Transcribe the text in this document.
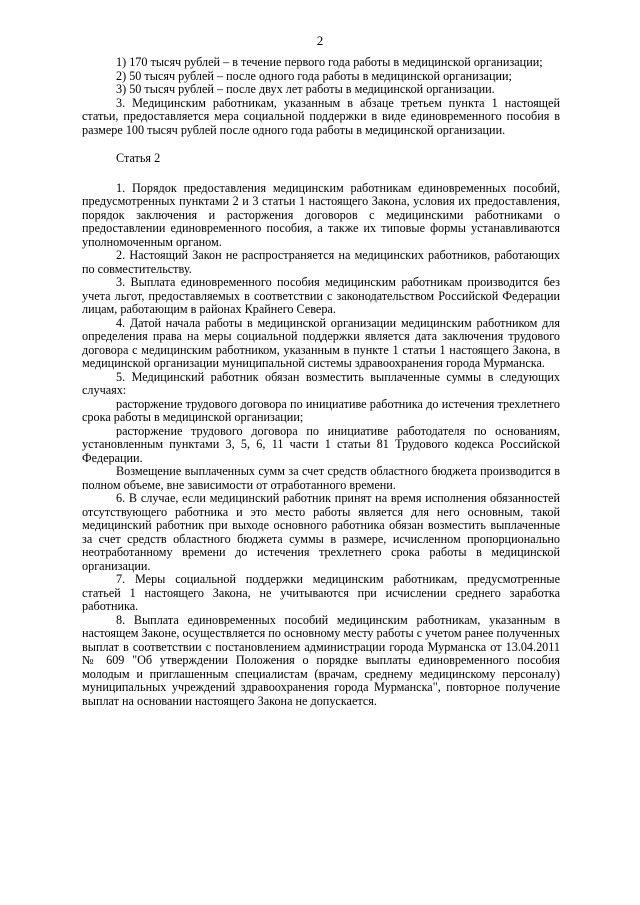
2

1) 170 тысяч рублей – в течение первого года работы в медицинской организации;

2) 50 тысяч рублей – после одного года работы в медицинской организации;

3) 50 тысяч рублей – после двух лет работы в медицинской организации.

3. Медицинским работникам, указанным в абзаце третьем пункта 1 настоящей статьи, предоставляется мера социальной поддержки в виде единовременного пособия в размере 100 тысяч рублей после одного года работы в медицинской организации.

Статья 2

1. Порядок предоставления медицинским работникам единовременных пособий, предусмотренных пунктами 2 и 3 статьи 1 настоящего Закона, условия их предоставления, порядок заключения и расторжения договоров с медицинскими работниками о предоставлении единовременного пособия, а также их типовые формы устанавливаются уполномоченным органом.

2. Настоящий Закон не распространяется на медицинских работников, работающих по совместительству.

3. Выплата единовременного пособия медицинским работникам производится без учета льгот, предоставляемых в соответствии с законодательством Российской Федерации лицам, работающим в районах Крайнего Севера.

4. Датой начала работы в медицинской организации медицинским работником для определения права на меры социальной поддержки является дата заключения трудового договора с медицинским работником, указанным в пункте 1 статьи 1 настоящего Закона, в медицинской организации муниципальной системы здравоохранения города Мурманска.

5. Медицинский работник обязан возместить выплаченные суммы в следующих случаях:

расторжение трудового договора по инициативе работника до истечения трехлетнего срока работы в медицинской организации;

расторжение трудового договора по инициативе работодателя по основаниям, установленным пунктами 3, 5, 6, 11 части 1 статьи 81 Трудового кодекса Российской Федерации.

Возмещение выплаченных сумм за счет средств областного бюджета производится в полном объеме, вне зависимости от отработанного времени.

6. В случае, если медицинский работник принят на время исполнения обязанностей отсутствующего работника и это место работы является для него основным, такой медицинский работник при выходе основного работника обязан возместить выплаченные за счет средств областного бюджета суммы в размере, исчисленном пропорционально неотработанному времени до истечения трехлетнего срока работы в медицинской организации.

7. Меры социальной поддержки медицинским работникам, предусмотренные статьей 1 настоящего Закона, не учитываются при исчислении среднего заработка работника.

8. Выплата единовременных пособий медицинским работникам, указанным в настоящем Законе, осуществляется по основному месту работы с учетом ранее полученных выплат в соответствии с постановлением администрации города Мурманска от 13.04.2011 № 609 "Об утверждении Положения о порядке выплаты единовременного пособия молодым и приглашенным специалистам (врачам, среднему медицинскому персоналу) муниципальных учреждений здравоохранения города Мурманска", повторное получение выплат на основании настоящего Закона не допускается.
